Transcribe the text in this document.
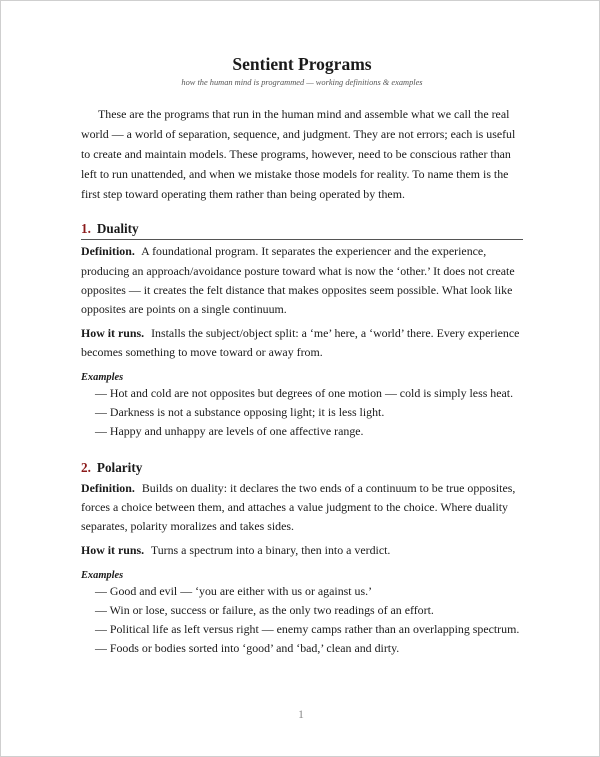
Sentient Programs

how the human mind is programmed — working definitions & examples

These are the programs that run in the human mind and assemble what we call the real world — a world of separation, sequence, and judgment. They are not errors; each is useful to create and maintain models. These programs, however, need to be conscious rather than left to run unattended, and when we mistake those models for reality. To name them is the first step toward operating them rather than being operated by them.

1. Duality

Definition. A foundational program. It separates the experiencer and the experience, producing an approach/avoidance posture toward what is now the ‘other.’ It does not create opposites — it creates the felt distance that makes opposites seem possible. What look like opposites are points on a single continuum.

How it runs. Installs the subject/object split: a ‘me’ here, a ‘world’ there. Every experience becomes something to move toward or away from.

Examples
— Hot and cold are not opposites but degrees of one motion — cold is simply less heat.
— Darkness is not a substance opposing light; it is less light.
— Happy and unhappy are levels of one affective range.
2. Polarity

Definition. Builds on duality: it declares the two ends of a continuum to be true opposites, forces a choice between them, and attaches a value judgment to the choice. Where duality separates, polarity moralizes and takes sides.

How it runs. Turns a spectrum into a binary, then into a verdict.

Examples
— Good and evil — ‘you are either with us or against us.’
— Win or lose, success or failure, as the only two readings of an effort.
— Political life as left versus right — enemy camps rather than an overlapping spectrum.
— Foods or bodies sorted into ‘good’ and ‘bad,’ clean and dirty.
1
